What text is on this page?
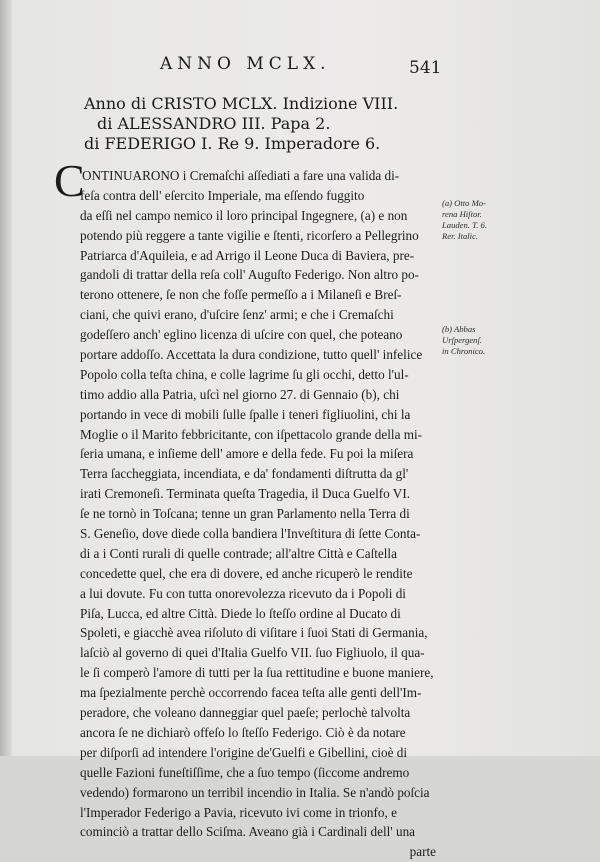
ANNO MCLX.	541
Anno di CRISTO MCLX. Indizione VIII.
di ALESSANDRO III. Papa 2.
di FEDERIGO I. Re 9. Imperadore 6.
C
ONTINUARONO i Cremaſchi aſſediati a fare una valida di-
feſa contra dell' eſercito Imperiale, ma eſſendo fuggito
da eſſi nel campo nemico il loro principal Ingegnere, (a) e non
potendo più reggere a tante vigilie e ſtenti, ricorſero a Pellegrino
Patriarca d'Aquileia, e ad Arrigo il Leone Duca di Baviera, pre-
gandoli di trattar della reſa coll' Auguſto Federigo. Non altro po-
terono ottenere, ſe non che foſſe permeſſo a i Milaneſi e Breſ-
ciani, che quivi erano, d'uſcire ſenz' armi; e che i Cremaſchi
godeſſero anch' eglino licenza di uſcire con quel, che poteano
portare addoſſo. Accettata la dura condizione, tutto quell' infelice
Popolo colla teſta china, e colle lagrime ſu gli occhi, detto l'ul-
timo addio alla Patria, uſcì nel giorno 27. di Gennaio (b), chi
portando in vece di mobili ſulle ſpalle i teneri figliuolini, chi la
Moglie o il Marito febbricitante, con iſpettacolo grande della mi-
ſeria umana, e inſieme dell' amore e della fede. Fu poi la miſera
Terra ſaccheggiata, incendiata, e da' fondamenti diſtrutta da gl'
irati Cremoneſi. Terminata queſta Tragedia, il Duca Guelfo VI.
ſe ne tornò in Toſcana; tenne un gran Parlamento nella Terra di
S. Geneſio, dove diede colla bandiera l'Inveſtitura di ſette Conta-
di a i Conti rurali di quelle contrade; all'altre Città e Caſtella
concedette quel, che era di dovere, ed anche ricuperò le rendite
a lui dovute. Fu con tutta onorevolezza ricevuto da i Popoli di
Piſa, Lucca, ed altre Città. Diede lo ſteſſo ordine al Ducato di
Spoleti, e giacchè avea riſoluto di viſitare i ſuoi Stati di Germania,
laſciò al governo di quei d'Italia Guelfo VII. ſuo Figliuolo, il qua-
le ſi comperò l'amore di tutti per la ſua rettitudine e buone maniere,
ma ſpezialmente perchè occorrendo facea teſta alle genti dell'Im-
peradore, che voleano danneggiar quel paeſe; perlochè talvolta
ancora ſe ne dichiarò offeſo lo ſteſſo Federigo. Ciò è da notare
per diſporſi ad intendere l'origine de'Guelfi e Gibellini, cioè di
quelle Fazioni funeſtiſſime, che a ſuo tempo (ſiccome andremo
vedendo) formarono un terribil incendio in Italia. Se n'andò poſcia
l'Imperador Federigo a Pavia, ricevuto ivi come in trionfo, e
cominciò a trattar dello Sciſma. Aveano già i Cardinali dell' una
parte
(a) Otto Mo-
rena Hiſtor.
Lauden. T. 6.
Rer. Italic.
(b) Abbas
Urſpergenſ.
in Chronico.
